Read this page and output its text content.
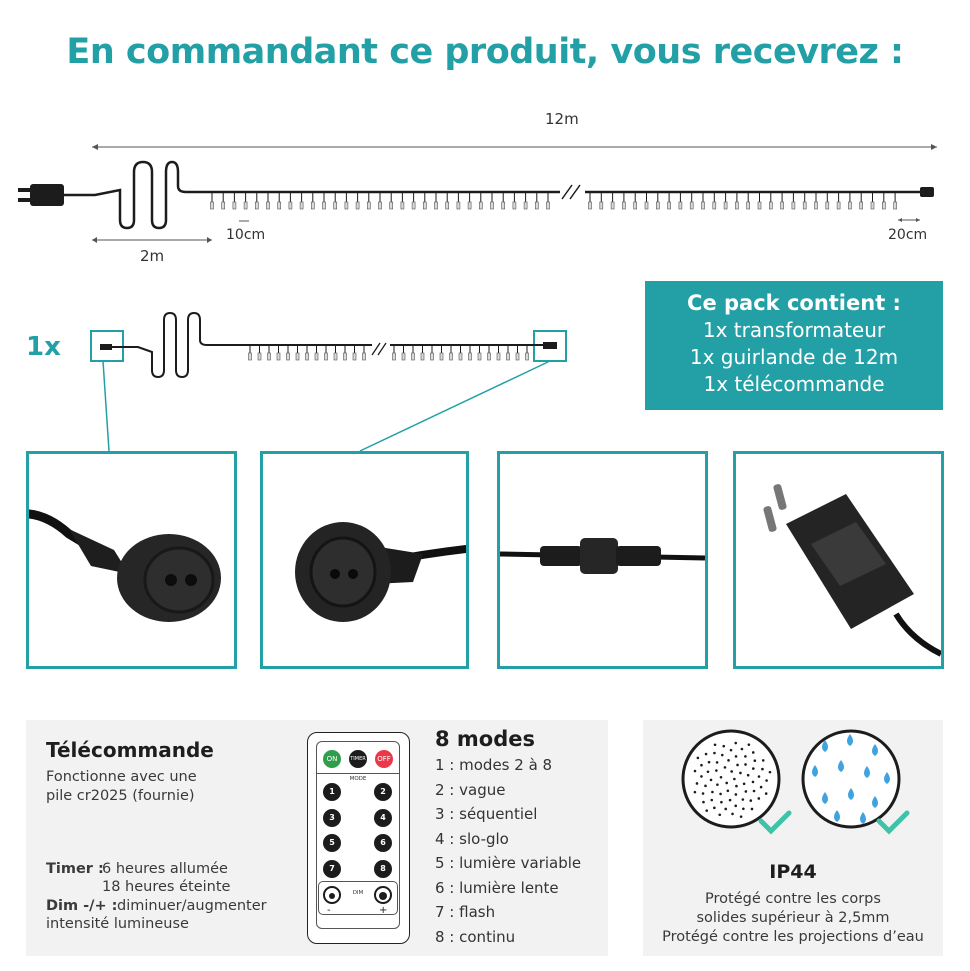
En commandant ce produit, vous recevrez :
12m
2m
10cm	20cm
1x
Ce pack contient :
1x transformateur
1x guirlande de 12m
1x télécommande
Télécommande
Fonctionne avec une
pile cr2025 (fournie)
Timer :
6 heures allumée
18 heures éteinte
Dim -/+ : diminuer/augmenter
intensité lumineuse
ON	TIMER	OFF
MODE
1	2
3	4
5	6
7	8
DIM
-	+
8 modes
1 : modes 2 à 8
2 : vague
3 : séquentiel
4 : slo-glo
5 : lumière variable
6 : lumière lente
7 : flash
8 : continu
IP44
Protégé contre les corps
solides supérieur à 2,5mm
Protégé contre les projections d’eau
